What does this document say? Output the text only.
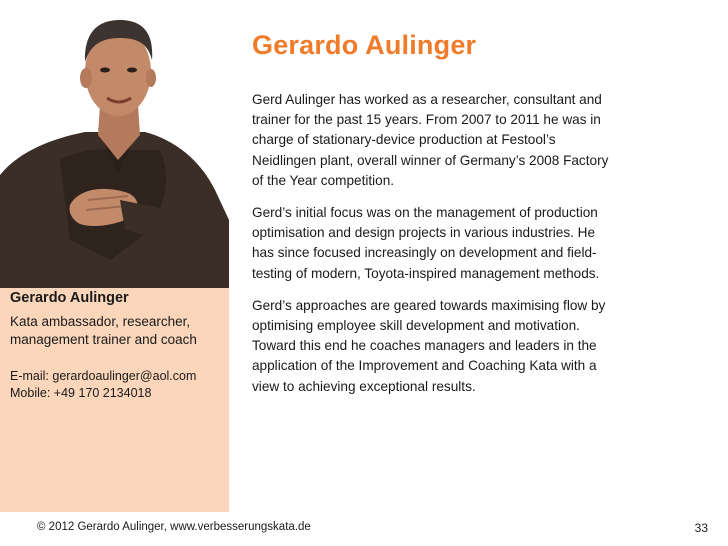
Gerardo Aulinger
Kata ambassador, researcher,
management trainer and coach
E-mail: gerardoaulinger@aol.com
Mobile: +49 170 2134018
Gerardo Aulinger

Gerd Aulinger has worked as a researcher, consultant and trainer for the past 15 years. From 2007 to 2011 he was in charge of stationary-device production at Festool’s Neidlingen plant, overall winner of Germany’s 2008 Factory of the Year competition.

Gerd’s initial focus was on the management of production optimisation and design projects in various industries. He has since focused increasingly on development and field-testing of modern, Toyota-inspired management methods.

Gerd’s approaches are geared towards maximising flow by optimising employee skill development and motivation. Toward this end he coaches managers and leaders in the application of the Improvement and Coaching Kata with a view to achieving exceptional results.

© 2012 Gerardo Aulinger, www.verbesserungskata.de	33
